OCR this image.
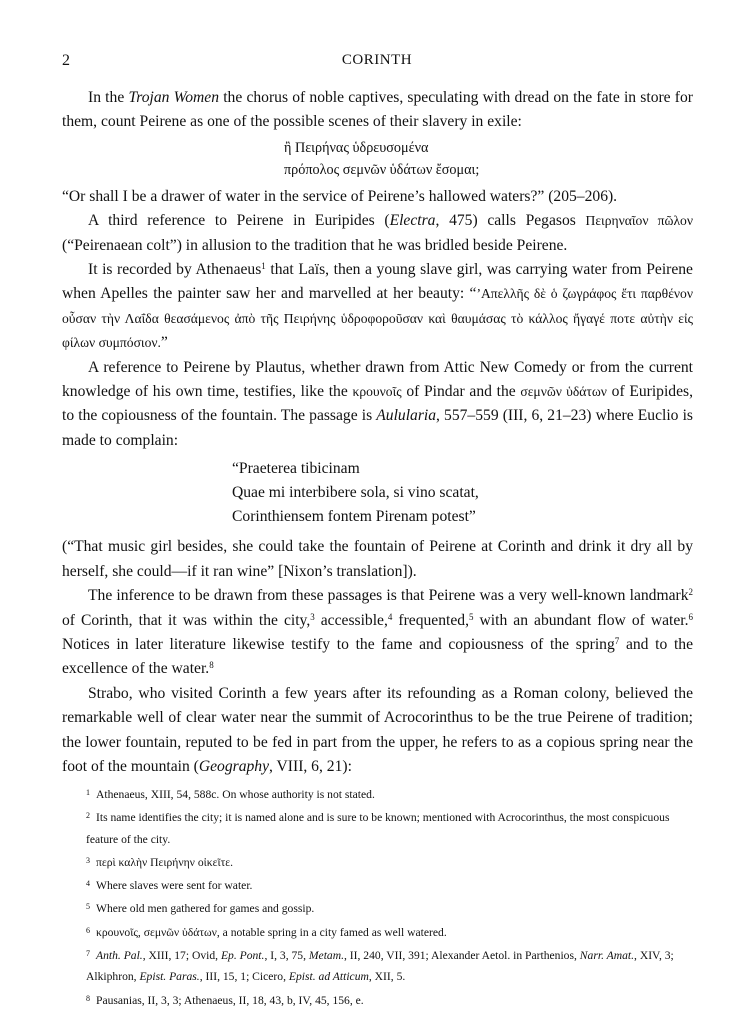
2	CORINTH

In the Trojan Women the chorus of noble captives, speculating with dread on the fate in store for them, count Peirene as one of the possible scenes of their slavery in exile:

ἢ Πειρήνας ὑδρευσομένα
πρόπολος σεμνῶν ὑδάτων ἔσομαι;

“Or shall I be a drawer of water in the service of Peirene’s hallowed waters?” (205–206).

A third reference to Peirene in Euripides (Electra, 475) calls Pegasos Πειρηναῖον πῶλον (“Peirenaean colt”) in allusion to the tradition that he was bridled beside Peirene.

It is recorded by Athenaeus$^1$ that Laïs, then a young slave girl, was carrying water from Peirene when Apelles the painter saw her and marvelled at her beauty: “’Απελλῆς δὲ ὁ ζωγράφος ἔτι παρθένον οὖσαν τὴν Λαΐδα θεασάμενος ἀπὸ τῆς Πειρήνης ὑδροφοροῦσαν καὶ θαυμάσας τὸ κάλλος ἤγαγέ ποτε αὐτὴν εἰς φίλων συμπόσιον.”

A reference to Peirene by Plautus, whether drawn from Attic New Comedy or from the current knowledge of his own time, testifies, like the κρουνοῖς of Pindar and the σεμνῶν ὑδάτων of Euripides, to the copiousness of the fountain. The passage is Aulularia, 557–559 (III, 6, 21–23) where Euclio is made to complain:

“Praeterea tibicinam
Quae mi interbibere sola, si vino scatat,
Corinthiensem fontem Pirenam potest”

(“That music girl besides, she could take the fountain of Peirene at Corinth and drink it dry all by herself, she could—if it ran wine” [Nixon’s translation]).

The inference to be drawn from these passages is that Peirene was a very well-known landmark$^2$ of Corinth, that it was within the city,$^3$ accessible,$^4$ frequented,$^5$ with an abundant flow of water.$^6$ Notices in later literature likewise testify to the fame and copiousness of the spring$^7$ and to the excellence of the water.$^8$

Strabo, who visited Corinth a few years after its refounding as a Roman colony, believed the remarkable well of clear water near the summit of Acrocorinthus to be the true Peirene of tradition; the lower fountain, reputed to be fed in part from the upper, he refers to as a copious spring near the foot of the mountain (Geography, VIII, 6, 21):

1 Athenaeus, XIII, 54, 588c. On whose authority is not stated.

2 Its name identifies the city; it is named alone and is sure to be known; mentioned with Acrocorinthus, the most conspicuous feature of the city.

3 περὶ καλὴν Πειρήνην οἰκεῖτε.

4 Where slaves were sent for water.

5 Where old men gathered for games and gossip.

6 κρουνοῖς, σεμνῶν ὑδάτων, a notable spring in a city famed as well watered.

7 Anth. Pal., XIII, 17; Ovid, Ep. Pont., I, 3, 75, Metam., II, 240, VII, 391; Alexander Aetol. in Parthenios, Narr. Amat., XIV, 3; Alkiphron, Epist. Paras., III, 15, 1; Cicero, Epist. ad Atticum, XII, 5.

8 Pausanias, II, 3, 3; Athenaeus, II, 18, 43, b, IV, 45, 156, e.
